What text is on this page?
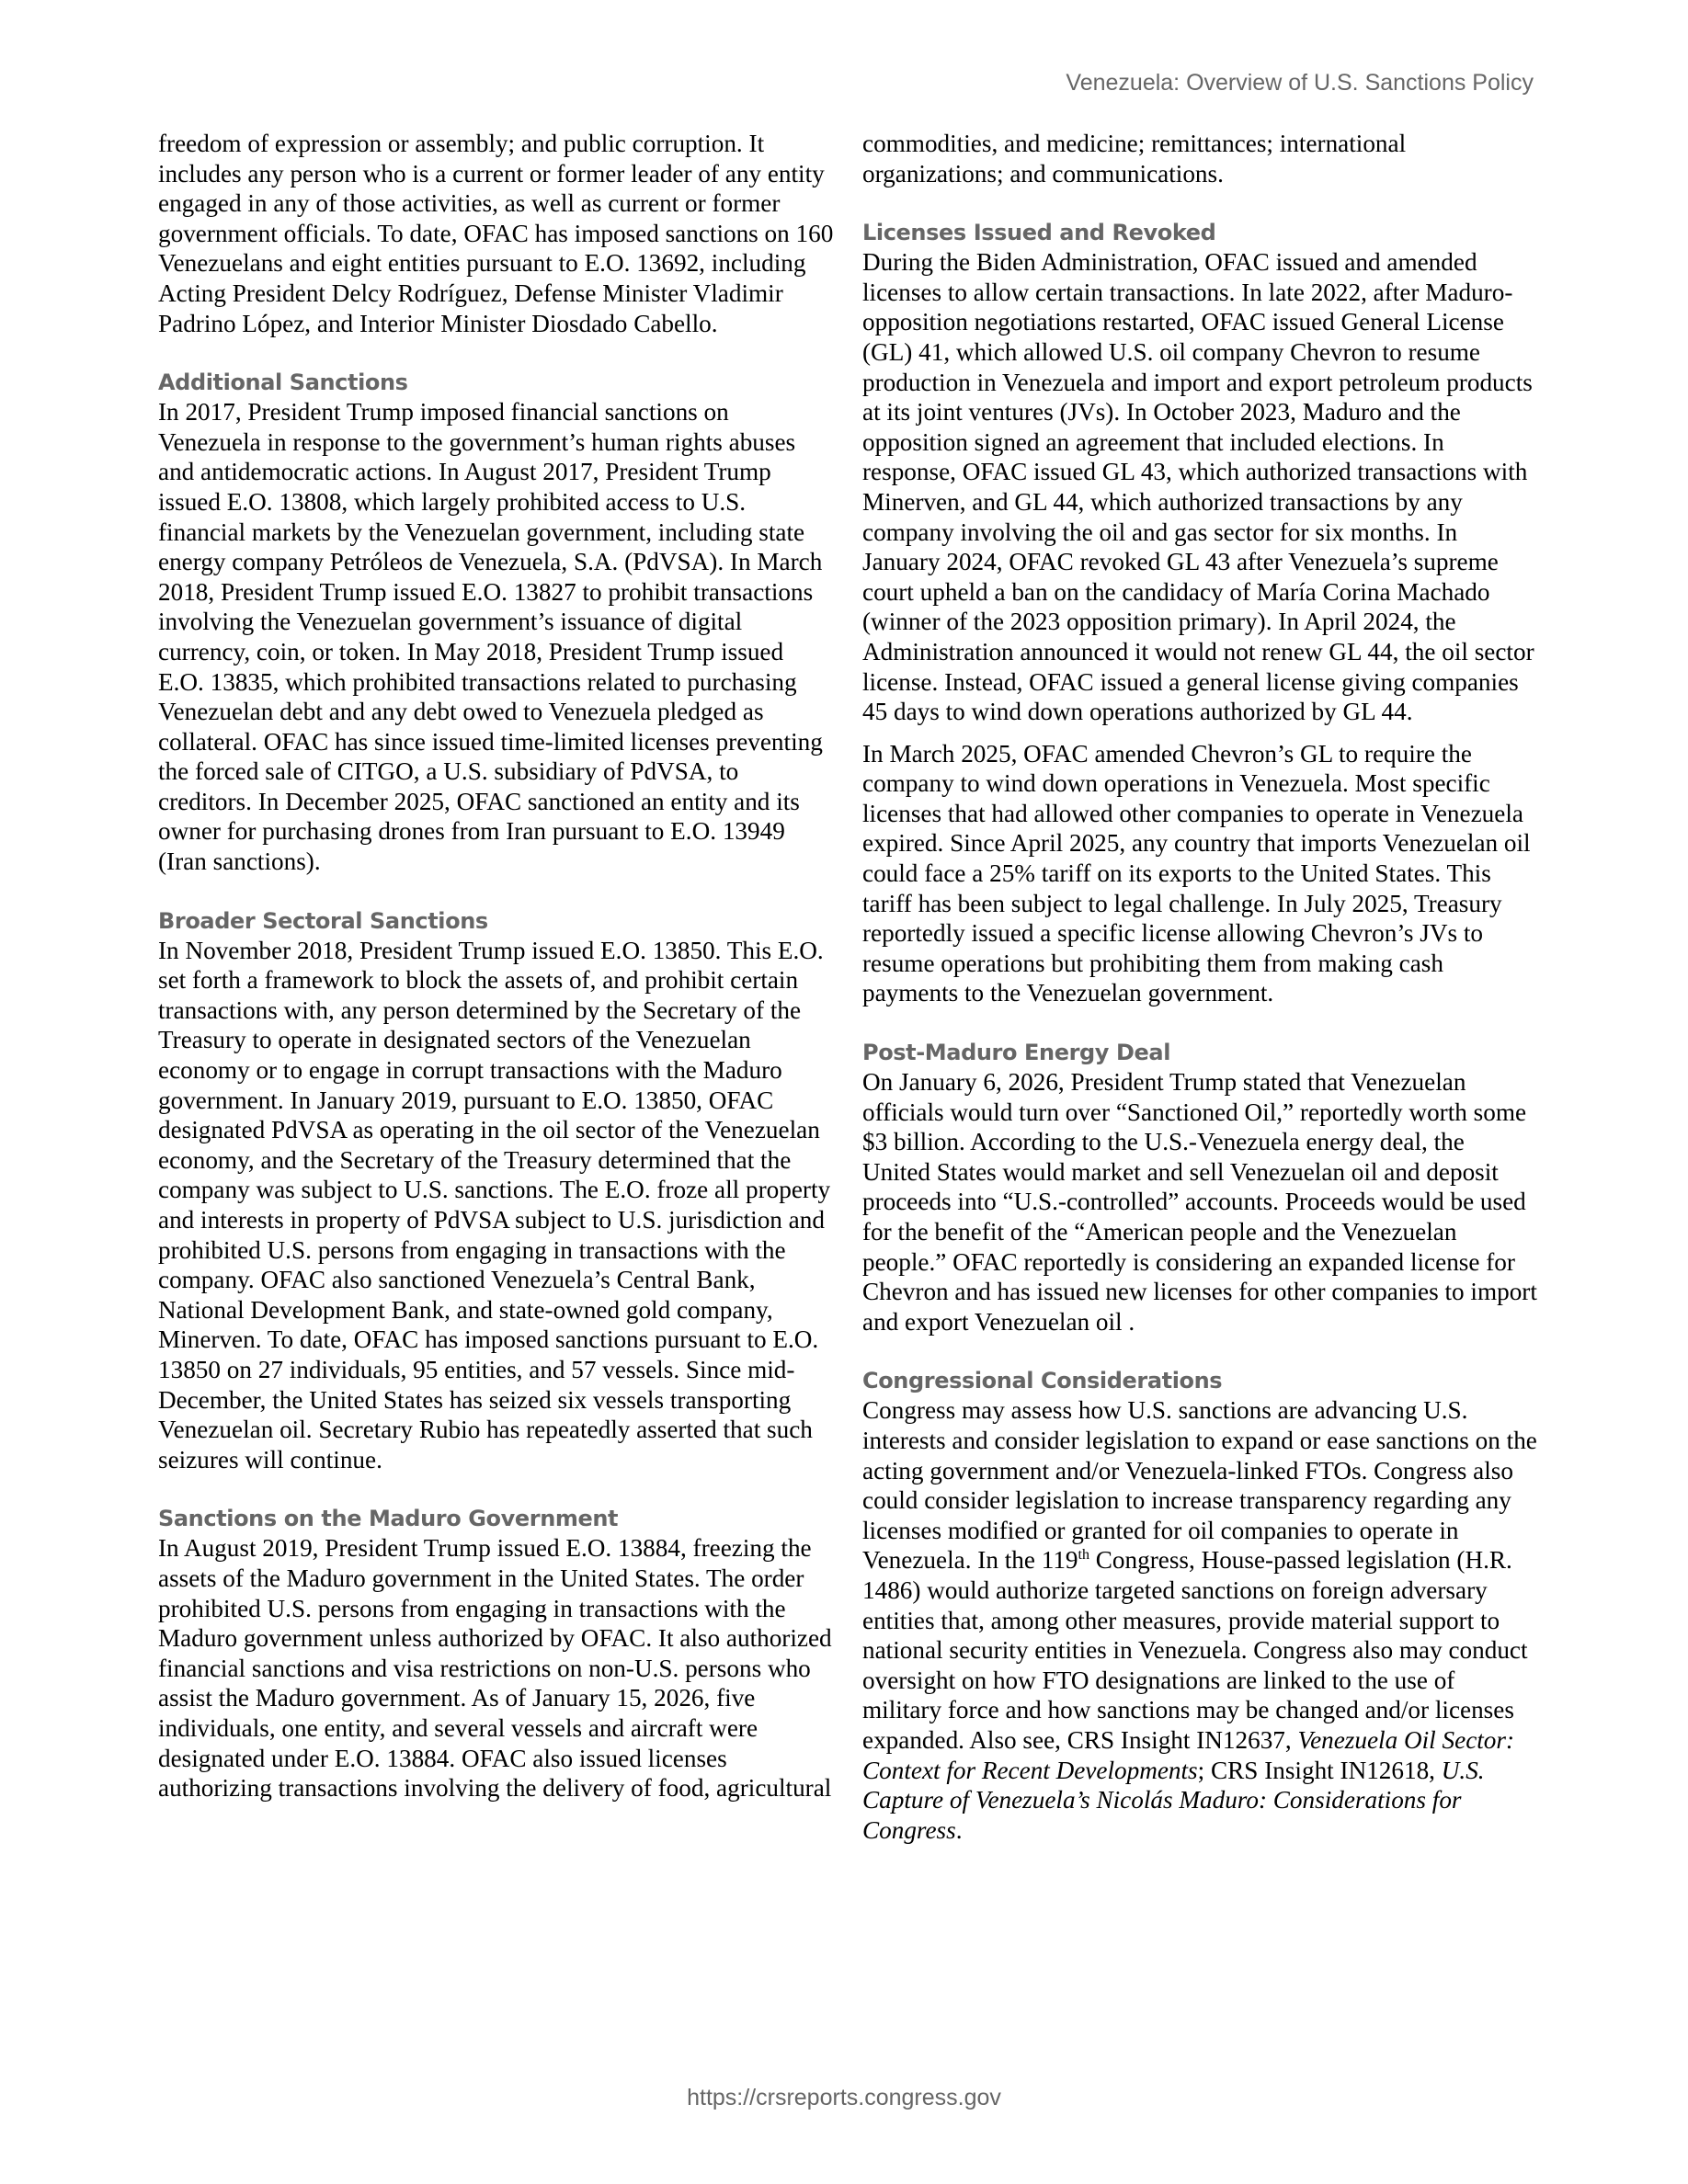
Venezuela: Overview of U.S. Sanctions Policy

freedom of expression or assembly; and public corruption. It includes any person who is a current or former leader of any entity engaged in any of those activities, as well as current or former government officials. To date, OFAC has imposed sanctions on 160 Venezuelans and eight entities pursuant to E.O. 13692, including Acting President Delcy Rodríguez, Defense Minister Vladimir Padrino López, and Interior Minister Diosdado Cabello.

Additional Sanctions

In 2017, President Trump imposed financial sanctions on Venezuela in response to the government’s human rights abuses and antidemocratic actions. In August 2017, President Trump issued E.O. 13808, which largely prohibited access to U.S. financial markets by the Venezuelan government, including state energy company Petróleos de Venezuela, S.A. (PdVSA). In March 2018, President Trump issued E.O. 13827 to prohibit transactions involving the Venezuelan government’s issuance of digital currency, coin, or token. In May 2018, President Trump issued E.O. 13835, which prohibited transactions related to purchasing Venezuelan debt and any debt owed to Venezuela pledged as collateral. OFAC has since issued time-limited licenses preventing the forced sale of CITGO, a U.S. subsidiary of PdVSA, to creditors. In December 2025, OFAC sanctioned an entity and its owner for purchasing drones from Iran pursuant to E.O. 13949 (Iran sanctions).

Broader Sectoral Sanctions

In November 2018, President Trump issued E.O. 13850. This E.O. set forth a framework to block the assets of, and prohibit certain transactions with, any person determined by the Secretary of the Treasury to operate in designated sectors of the Venezuelan economy or to engage in corrupt transactions with the Maduro government. In January 2019, pursuant to E.O. 13850, OFAC designated PdVSA as operating in the oil sector of the Venezuelan economy, and the Secretary of the Treasury determined that the company was subject to U.S. sanctions. The E.O. froze all property and interests in property of PdVSA subject to U.S. jurisdiction and prohibited U.S. persons from engaging in transactions with the company. OFAC also sanctioned Venezuela’s Central Bank, National Development Bank, and state-owned gold company, Minerven. To date, OFAC has imposed sanctions pursuant to E.O. 13850 on 27 individuals, 95 entities, and 57 vessels. Since mid-December, the United States has seized six vessels transporting Venezuelan oil. Secretary Rubio has repeatedly asserted that such seizures will continue.

Sanctions on the Maduro Government

In August 2019, President Trump issued E.O. 13884, freezing the assets of the Maduro government in the United States. The order prohibited U.S. persons from engaging in transactions with the Maduro government unless authorized by OFAC. It also authorized financial sanctions and visa restrictions on non-U.S. persons who assist the Maduro government. As of January 15, 2026, five individuals, one entity, and several vessels and aircraft were designated under E.O. 13884. OFAC also issued licenses authorizing transactions involving the delivery of food, agricultural

commodities, and medicine; remittances; international organizations; and communications.

Licenses Issued and Revoked

During the Biden Administration, OFAC issued and amended licenses to allow certain transactions. In late 2022, after Maduro-opposition negotiations restarted, OFAC issued General License (GL) 41, which allowed U.S. oil company Chevron to resume production in Venezuela and import and export petroleum products at its joint ventures (JVs). In October 2023, Maduro and the opposition signed an agreement that included elections. In response, OFAC issued GL 43, which authorized transactions with Minerven, and GL 44, which authorized transactions by any company involving the oil and gas sector for six months. In January 2024, OFAC revoked GL 43 after Venezuela’s supreme court upheld a ban on the candidacy of María Corina Machado (winner of the 2023 opposition primary). In April 2024, the Administration announced it would not renew GL 44, the oil sector license. Instead, OFAC issued a general license giving companies 45 days to wind down operations authorized by GL 44.

In March 2025, OFAC amended Chevron’s GL to require the company to wind down operations in Venezuela. Most specific licenses that had allowed other companies to operate in Venezuela expired. Since April 2025, any country that imports Venezuelan oil could face a 25% tariff on its exports to the United States. This tariff has been subject to legal challenge. In July 2025, Treasury reportedly issued a specific license allowing Chevron’s JVs to resume operations but prohibiting them from making cash payments to the Venezuelan government.

Post-Maduro Energy Deal

On January 6, 2026, President Trump stated that Venezuelan officials would turn over “Sanctioned Oil,” reportedly worth some $3 billion. According to the U.S.-Venezuela energy deal, the United States would market and sell Venezuelan oil and deposit proceeds into “U.S.-controlled” accounts. Proceeds would be used for the benefit of the “American people and the Venezuelan people.” OFAC reportedly is considering an expanded license for Chevron and has issued new licenses for other companies to import and export Venezuelan oil .

Congressional Considerations

Congress may assess how U.S. sanctions are advancing U.S. interests and consider legislation to expand or ease sanctions on the acting government and/or Venezuela-linked FTOs. Congress also could consider legislation to increase transparency regarding any licenses modified or granted for oil companies to operate in Venezuela. In the 119th Congress, House-passed legislation (H.R. 1486) would authorize targeted sanctions on foreign adversary entities that, among other measures, provide material support to national security entities in Venezuela. Congress also may conduct oversight on how FTO designations are linked to the use of military force and how sanctions may be changed and/or licenses expanded. Also see, CRS Insight IN12637, Venezuela Oil Sector: Context for Recent Developments; CRS Insight IN12618, U.S. Capture of Venezuela’s Nicolás Maduro: Considerations for Congress.

https://crsreports.congress.gov
